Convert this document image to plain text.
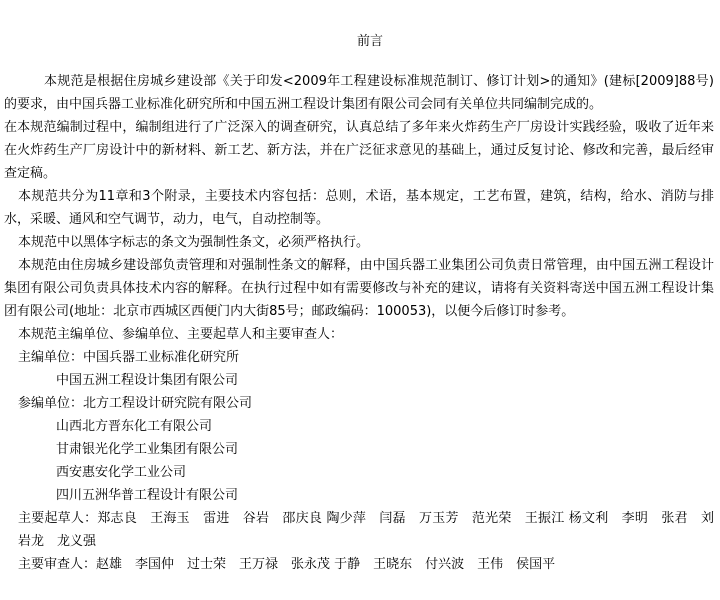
前言

本规范是根据住房城乡建设部《关于印发<2009年工程建设标准规范制订、修订计划>的通知》(建标[2009]88号)的要求，由中国兵器工业标准化研究所和中国五洲工程设计集团有限公司会同有关单位共同编制完成的。

在本规范编制过程中，编制组进行了广泛深入的调查研究，认真总结了多年来火炸药生产厂房设计实践经验，吸收了近年来在火炸药生产厂房设计中的新材料、新工艺、新方法，并在广泛征求意见的基础上，通过反复讨论、修改和完善，最后经审查定稿。

本规范共分为11章和3个附录，主要技术内容包括：总则，术语，基本规定，工艺布置，建筑，结构，给水、消防与排水，采暖、通风和空气调节，动力，电气，自动控制等。

本规范中以黑体字标志的条文为强制性条文，必须严格执行。

本规范由住房城乡建设部负责管理和对强制性条文的解释，由中国兵器工业集团公司负责日常管理，由中国五洲工程设计集团有限公司负责具体技术内容的解释。在执行过程中如有需要修改与补充的建议，请将有关资料寄送中国五洲工程设计集团有限公司(地址：北京市西城区西便门内大街85号；邮政编码：100053)，以便今后修订时参考。

本规范主编单位、参编单位、主要起草人和主要审查人：

主编单位：中国兵器工业标准化研究所

中国五洲工程设计集团有限公司

参编单位：北方工程设计研究院有限公司

山西北方晋东化工有限公司

甘肃银光化学工业集团有限公司

西安惠安化学工业公司

四川五洲华普工程设计有限公司

主要起草人：郑志良　王海玉　雷进　谷岩　邵庆良 陶少萍　闫磊　万玉芳　范光荣　王振江 杨文利　李明　张君　刘岩龙　龙义强

主要审查人：赵雄　李国仲　过士荣　王万禄　张永茂 于静　王晓东　付兴波　王伟　侯国平
